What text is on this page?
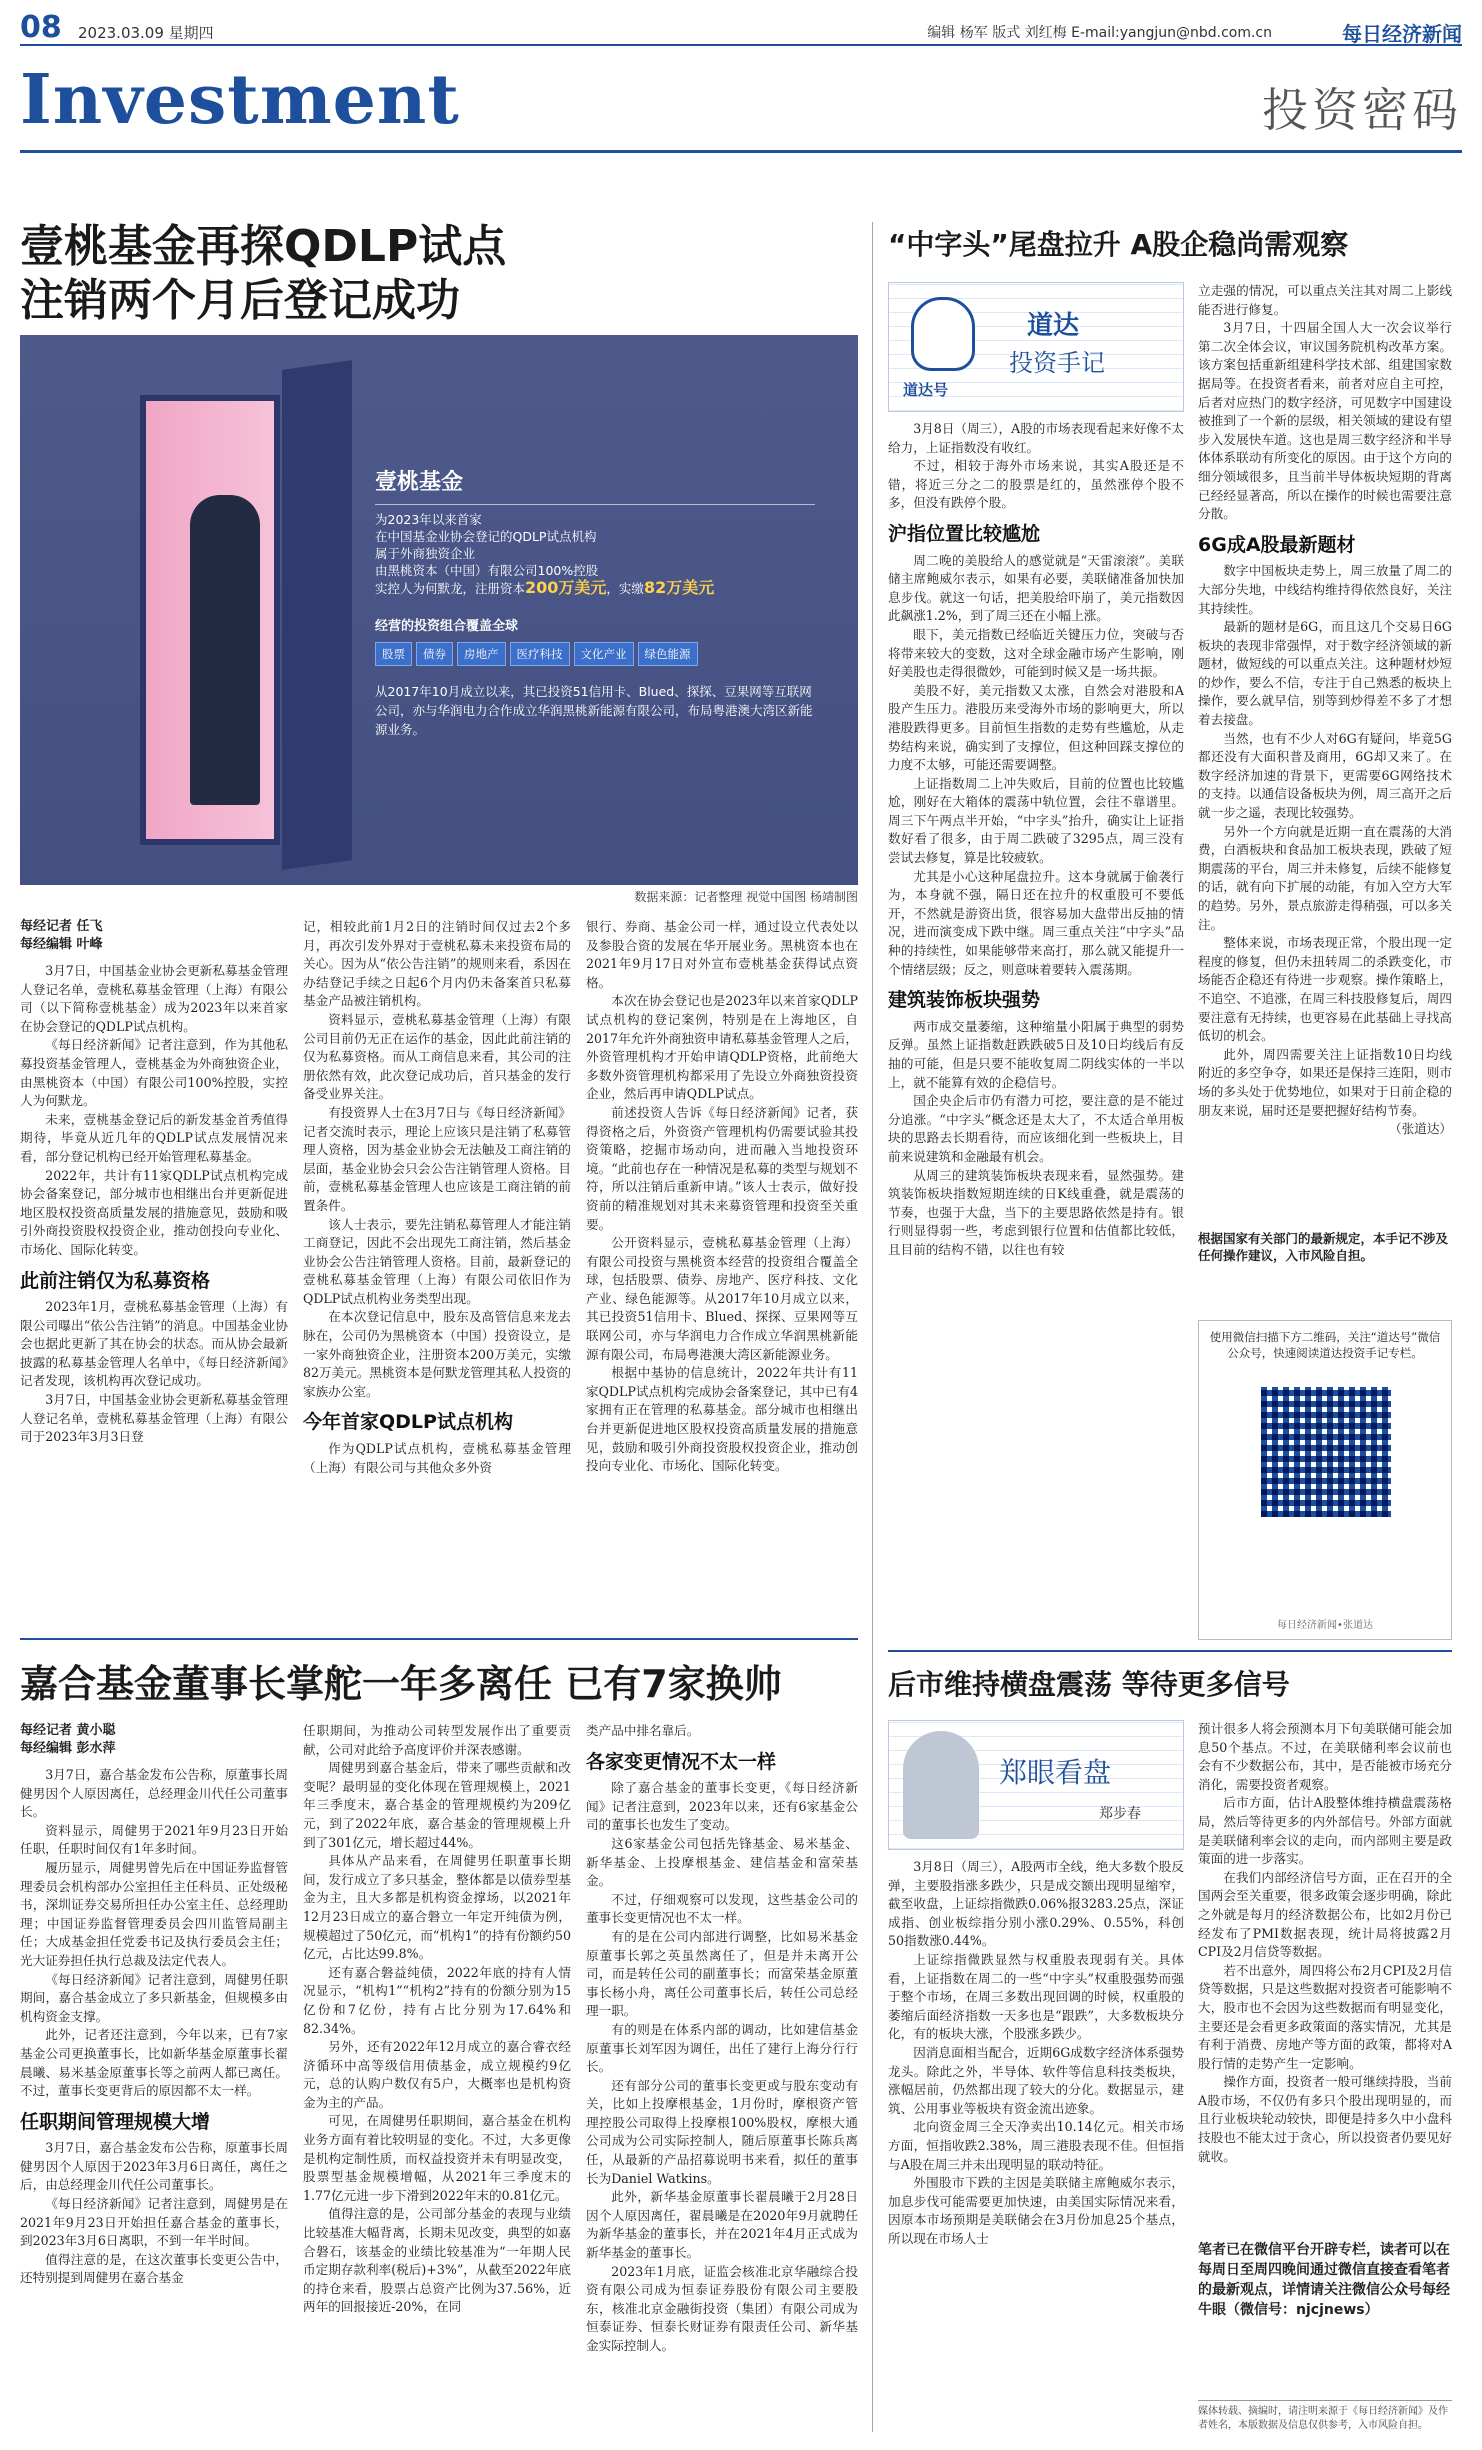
08 2023.03.09 星期四	编辑 杨军 版式 刘红梅 E-mail:yangjun@nbd.com.cn	每日经济新闻
Investment	投资密码
壹桃基金再探QDLP试点
注销两个月后登记成功
壹桃基金
为2023年以来首家
在中国基金业协会登记的QDLP试点机构
属于外商独资企业
由黑桃资本（中国）有限公司100%控股
实控人为何默龙，注册资本200万美元，实缴82万美元
经营的投资组合覆盖全球
股票	债券	房地产	医疗科技	文化产业	绿色能源
从2017年10月成立以来，其已投资51信用卡、Blued、探探、豆果网等互联网公司，亦与华润电力合作成立华润黑桃新能源有限公司，布局粤港澳大湾区新能源业务。
数据来源：记者整理 视觉中国图 杨靖制图

每经记者 任飞

每经编辑 叶峰

3月7日，中国基金业协会更新私募基金管理人登记名单，壹桃私募基金管理（上海）有限公司（以下简称壹桃基金）成为2023年以来首家在协会登记的QDLP试点机构。

《每日经济新闻》记者注意到，作为其他私募投资基金管理人，壹桃基金为外商独资企业，由黑桃资本（中国）有限公司100%控股，实控人为何默龙。

未来，壹桃基金登记后的新发基金首秀值得期待，毕竟从近几年的QDLP试点发展情况来看，部分登记机构已经开始管理私募基金。

2022年，共计有11家QDLP试点机构完成协会备案登记，部分城市也相继出台并更新促进地区股权投资高质量发展的措施意见，鼓励和吸引外商投资股权投资企业，推动创投向专业化、市场化、国际化转变。

此前注销仅为私募资格

2023年1月，壹桃私募基金管理（上海）有限公司曝出“依公告注销”的消息。中国基金业协会也据此更新了其在协会的状态。而从协会最新披露的私募基金管理人名单中，《每日经济新闻》记者发现，该机构再次登记成功。

3月7日，中国基金业协会更新私募基金管理人登记名单，壹桃私募基金管理（上海）有限公司于2023年3月3日登

记，相较此前1月2日的注销时间仅过去2个多月，再次引发外界对于壹桃私募未来投资布局的关心。因为从“依公告注销”的规则来看，系因在办结登记手续之日起6个月内仍未备案首只私募基金产品被注销机构。

资料显示，壹桃私募基金管理（上海）有限公司目前仍无正在运作的基金，因此此前注销的仅为私募资格。而从工商信息来看，其公司的注册依然有效，此次登记成功后，首只基金的发行备受业界关注。

有投资界人士在3月7日与《每日经济新闻》记者交流时表示，理论上应该只是注销了私募管理人资格，因为基金业协会无法触及工商注销的层面，基金业协会只会公告注销管理人资格。目前，壹桃私募基金管理人也应该是工商注销的前置条件。

该人士表示，要先注销私募管理人才能注销工商登记，因此不会出现先工商注销，然后基金业协会公告注销管理人资格。目前，最新登记的壹桃私募基金管理（上海）有限公司依旧作为QDLP试点机构业务类型出现。

在本次登记信息中，股东及高管信息来龙去脉在，公司仍为黑桃资本（中国）投资设立，是一家外商独资企业，注册资本200万美元，实缴82万美元。黑桃资本是何默龙管理其私人投资的家族办公室。

今年首家QDLP试点机构

作为QDLP试点机构，壹桃私募基金管理（上海）有限公司与其他众多外资

银行、券商、基金公司一样，通过设立代表处以及参股合资的发展在华开展业务。黑桃资本也在2021年9月17日对外宣布壹桃基金获得试点资格。

本次在协会登记也是2023年以来首家QDLP试点机构的登记案例，特别是在上海地区，自2017年允许外商独资申请私募基金管理人之后，外资管理机构才开始申请QDLP资格，此前绝大多数外资管理机构都采用了先设立外商独资投资企业，然后再申请QDLP试点。

前述投资人告诉《每日经济新闻》记者，获得资格之后，外资资产管理机构仍需要试验其投资策略，挖掘市场动向，进而融入当地投资环境。“此前也存在一种情况是私募的类型与规划不符，所以注销后重新申请。”该人士表示，做好投资前的精准规划对其未来募资管理和投资至关重要。

公开资料显示，壹桃私募基金管理（上海）有限公司投资与黑桃资本经营的投资组合覆盖全球，包括股票、债券、房地产、医疗科技、文化产业、绿色能源等。从2017年10月成立以来，其已投资51信用卡、Blued、探探、豆果网等互联网公司，亦与华润电力合作成立华润黑桃新能源有限公司，布局粤港澳大湾区新能源业务。

根据中基协的信息统计，2022年共计有11家QDLP试点机构完成协会备案登记，其中已有4家拥有正在管理的私募基金。部分城市也相继出台并更新促进地区股权投资高质量发展的措施意见，鼓励和吸引外商投资股权投资企业，推动创投向专业化、市场化、国际化转变。

嘉合基金董事长掌舵一年多离任 已有7家换帅

每经记者 黄小聪

每经编辑 彭水萍

3月7日，嘉合基金发布公告称，原董事长周健男因个人原因离任，总经理金川代任公司董事长。

资料显示，周健男于2021年9月23日开始任职，任职时间仅有1年多时间。

履历显示，周健男曾先后在中国证券监督管理委员会机构部办公室担任主任科员、正处级秘书，深圳证券交易所担任办公室主任、总经理助理；中国证券监督管理委员会四川监管局副主任；大成基金担任党委书记及执行委员会主任；光大证券担任执行总裁及法定代表人。

《每日经济新闻》记者注意到，周健男任职期间，嘉合基金成立了多只新基金，但规模多由机构资金支撑。

此外，记者还注意到，今年以来，已有7家基金公司更换董事长，比如新华基金原董事长翟晨曦、易米基金原董事长等之前两人都已离任。不过，董事长变更背后的原因都不太一样。

任职期间管理规模大增

3月7日，嘉合基金发布公告称，原董事长周健男因个人原因于2023年3月6日离任，离任之后，由总经理金川代任公司董事长。

《每日经济新闻》记者注意到，周健男是在2021年9月23日开始担任嘉合基金的董事长，到2023年3月6日离职，不到一年半时间。

值得注意的是，在这次董事长变更公告中，还特别提到周健男在嘉合基金

任职期间，为推动公司转型发展作出了重要贡献，公司对此给予高度评价并深表感谢。

周健男到嘉合基金后，带来了哪些贡献和改变呢？最明显的变化体现在管理规模上，2021年三季度末，嘉合基金的管理规模约为209亿元，到了2022年底，嘉合基金的管理规模上升到了301亿元，增长超过44%。

具体从产品来看，在周健男任职董事长期间，发行成立了多只基金，整体都是以债券型基金为主，且大多都是机构资金撑场，以2021年12月23日成立的嘉合磐立一年定开纯债为例，规模超过了50亿元，而“机构1”的持有份额约50亿元，占比达99.8%。

还有嘉合磐益纯债，2022年底的持有人情况显示，“机构1”“机构2”持有的份额分别为15亿份和7亿份，持有占比分别为17.64%和82.34%。

另外，还有2022年12月成立的嘉合睿衣经济循环中高等级信用债基金，成立规模约9亿元，总的认购户数仅有5户，大概率也是机构资金为主的产品。

可见，在周健男任职期间，嘉合基金在机构业务方面有着比较明显的变化。不过，大多更像是机构定制性质，而权益投资并未有明显改变，股票型基金规模增幅，从2021年三季度末的1.77亿元进一步下滑到2022年末的0.81亿元。

值得注意的是，公司部分基金的表现与业绩比较基准大幅背离，长期未见改变，典型的如嘉合磐石，该基金的业绩比较基准为“一年期人民币定期存款利率(税后)+3%”，从截至2022年底的持仓来看，股票占总资产比例为37.56%，近两年的回报接近-20%，在同

类产品中排名靠后。

各家变更情况不太一样

除了嘉合基金的董事长变更，《每日经济新闻》记者注意到，2023年以来，还有6家基金公司的董事长也发生了变动。

这6家基金公司包括先锋基金、易米基金、新华基金、上投摩根基金、建信基金和富荣基金。

不过，仔细观察可以发现，这些基金公司的董事长变更情况也不太一样。

有的是在公司内部进行调整，比如易米基金原董事长郭之英虽然离任了，但是并未离开公司，而是转任公司的副董事长；而富荣基金原董事长杨小舟，离任公司董事长后，转任公司总经理一职。

有的则是在体系内部的调动，比如建信基金原董事长刘军因为调任，出任了建行上海分行行长。

还有部分公司的董事长变更或与股东变动有关，比如上投摩根基金，1月份时，摩根资产管理控股公司取得上投摩根100%股权，摩根大通公司成为公司实际控制人，随后原董事长陈兵离任，从最新的产品招募说明书来看，拟任的董事长为Daniel Watkins。

此外，新华基金原董事长翟晨曦于2月28日因个人原因离任，翟晨曦是在2020年9月就聘任为新华基金的董事长，并在2021年4月正式成为新华基金的董事长。

2023年1月底，证监会核准北京华融综合投资有限公司成为恒泰证券股份有限公司主要股东，核准北京金融街投资（集团）有限公司成为恒泰证券、恒泰长财证券有限责任公司、新华基金实际控制人。

“中字头”尾盘拉升 A股企稳尚需观察
道达号
道达
投资手记

3月8日（周三），A股的市场表现看起来好像不太给力，上证指数没有收红。

不过，相较于海外市场来说，其实A股还是不错，将近三分之二的股票是红的，虽然涨停个股不多，但没有跌停个股。

沪指位置比较尴尬

周二晚的美股给人的感觉就是“天雷滚滚”。美联储主席鲍威尔表示，如果有必要，美联储准备加快加息步伐。就这一句话，把美股给吓崩了，美元指数因此飙涨1.2%，到了周三还在小幅上涨。

眼下，美元指数已经临近关键压力位，突破与否将带来较大的变数，这对全球金融市场产生影响，刚好美股也走得很微妙，可能到时候又是一场共振。

美股不好，美元指数又太涨，自然会对港股和A股产生压力。港股历来受海外市场的影响更大，所以港股跌得更多。目前恒生指数的走势有些尴尬，从走势结构来说，确实到了支撑位，但这种回踩支撑位的力度不太够，可能还需要调整。

上证指数周二上冲失败后，目前的位置也比较尴尬，刚好在大箱体的震荡中轨位置，会往不靠谱里。周三下午两点半开始，“中字头”抬升，确实让上证指数好看了很多，由于周二跌破了3295点，周三没有尝试去修复，算是比较疲软。

尤其是小心这种尾盘拉升。这本身就属于偷袭行为，本身就不强，隔日还在拉升的权重股可不要低开，不然就是游资出货，很容易加大盘带出反抽的情况，进而演变成下跌中继。周三重点关注“中字头”品种的持续性，如果能够带来高打，那么就又能提升一个情绪层级；反之，则意味着要转入震荡期。

建筑装饰板块强势

两市成交量萎缩，这种缩量小阳属于典型的弱势反弹。虽然上证指数赶跌跌破5日及10日均线后有反抽的可能，但是只要不能收复周二阴线实体的一半以上，就不能算有效的企稳信号。

国企央企后市仍有潜力可挖，要注意的是不能过分追涨。“中字头”概念还是太大了，不太适合单用板块的思路去长期看待，而应该细化到一些板块上，目前来说建筑和金融最有机会。

从周三的建筑装饰板块表现来看，显然强势。建筑装饰板块指数短期连续的日K线重叠，就是震荡的节奏，也强于大盘，当下的主要思路依然是持有。银行则显得弱一些，考虑到银行位置和估值都比较低，且目前的结构不错，以往也有较

立走强的情况，可以重点关注其对周二上影线能否进行修复。

3月7日，十四届全国人大一次会议举行第二次全体会议，审议国务院机构改革方案。该方案包括重新组建科学技术部、组建国家数据局等。在投资者看来，前者对应自主可控，后者对应热门的数字经济，可见数字中国建设被推到了一个新的层级，相关领域的建设有望步入发展快车道。这也是周三数字经济和半导体体系联动有所变化的原因。由于这个方向的细分领域很多，且当前半导体板块短期的背离已经经显著高，所以在操作的时候也需要注意分散。

6G成A股最新题材

数字中国板块走势上，周三放量了周二的大部分失地，中线结构维持得依然良好，关注其持续性。

最新的题材是6G，而且这几个交易日6G板块的表现非常强悍，对于数字经济领域的新题材，做短线的可以重点关注。这种题材炒短的炒作，要么不信，专注于自己熟悉的板块上操作，要么就早信，别等到炒得差不多了才想着去接盘。

当然，也有不少人对6G有疑问，毕竟5G都还没有大面积普及商用，6G却又来了。在数字经济加速的背景下，更需要6G网络技术的支持。以通信设备板块为例，周三高开之后就一步之遥，表现比较强势。

另外一个方向就是近期一直在震荡的大消费，白酒板块和食品加工板块表现，跌破了短期震荡的平台，周三并未修复，后续不能修复的话，就有向下扩展的动能，有加入空方大军的趋势。另外，景点旅游走得稍强，可以多关注。

整体来说，市场表现正常，个股出现一定程度的修复，但仍未扭转周二的杀跌变化，市场能否企稳还有待进一步观察。操作策略上，不追空、不追涨，在周三科技股修复后，周四要注意有无持续，也更容易在此基础上寻找高低切的机会。

此外，周四需要关注上证指数10日均线附近的多空争夺，如果还是保持三连阳，则市场的多头处于优势地位，如果对于日前企稳的朋友来说，届时还是要把握好结构节奏。

（张道达）

根据国家有关部门的最新规定，本手记不涉及任何操作建议，入市风险自担。
使用微信扫描下方二维码，关注“道达号”微信公众号，快速阅读道达投资手记专栏。
每日经济新闻•张道达
后市维持横盘震荡 等待更多信号
郑眼看盘
郑步春

3月8日（周三），A股两市全线，绝大多数个股反弹，主要股指涨多跌少，只是成交额出现明显缩窄，截至收盘，上证综指微跌0.06%报3283.25点，深证成指、创业板综指分别小涨0.29%、0.55%，科创50指数涨0.44%。

上证综指微跌显然与权重股表现弱有关。具体看，上证指数在周二的一些“中字头”权重股强势而强于整个市场，在周三多数出现回调的时候，权重股的萎缩后面经济指数一天多也是“跟跌”，大多数板块分化，有的板块大涨，个股涨多跌少。

因消息面相当配合，近期6G成数字经济体系强势龙头。除此之外，半导体、软件等信息科技类板块，涨幅居前，仍然都出现了较大的分化。数据显示，建筑、公用事业等板块有资金流出迹象。

北向资金周三全天净卖出10.14亿元。相关市场方面，恒指收跌2.38%，周三港股表现不佳。但恒指与A股在周三并未出现明显的联动特征。

外围股市下跌的主因是美联储主席鲍威尔表示，加息步伐可能需要更加快速，由美国实际情况来看，因原本市场预期是美联储会在3月份加息25个基点，所以现在市场人士

预计很多人将会预测本月下旬美联储可能会加息50个基点。不过，在美联储利率会议前也会有不少数据公布，其中，是否能被市场充分消化，需要投资者观察。

后市方面，估计A股整体维持横盘震荡格局，然后等待更多的内外部信号。外部方面就是美联储利率会议的走向，而内部则主要是政策面的进一步落实。

在我们内部经济信号方面，正在召开的全国两会至关重要，很多政策会逐步明确，除此之外就是每月的经济数据公布，比如2月份已经发布了PMI数据表现，统计局将披露2月CPI及2月信贷等数据。

若不出意外，周四将公布2月CPI及2月信贷等数据，只是这些数据对投资者可能影响不大，股市也不会因为这些数据而有明显变化，主要还是会看更多政策面的落实情况，尤其是有利于消费、房地产等方面的政策，都将对A股行情的走势产生一定影响。

操作方面，投资者一般可继续持股，当前A股市场，不仅仍有多只个股出现明显的，而且行业板块轮动较快，即便是持多久中小盘科技股也不能太过于贪心，所以投资者仍要见好就收。

笔者已在微信平台开辟专栏，读者可以在每周日至周四晚间通过微信直接查看笔者的最新观点，详情请关注微信公众号每经牛眼（微信号：njcjnews）
媒体转载、摘编时，请注明来源于《每日经济新闻》及作者姓名，本版数据及信息仅供参考，入市风险自担。
